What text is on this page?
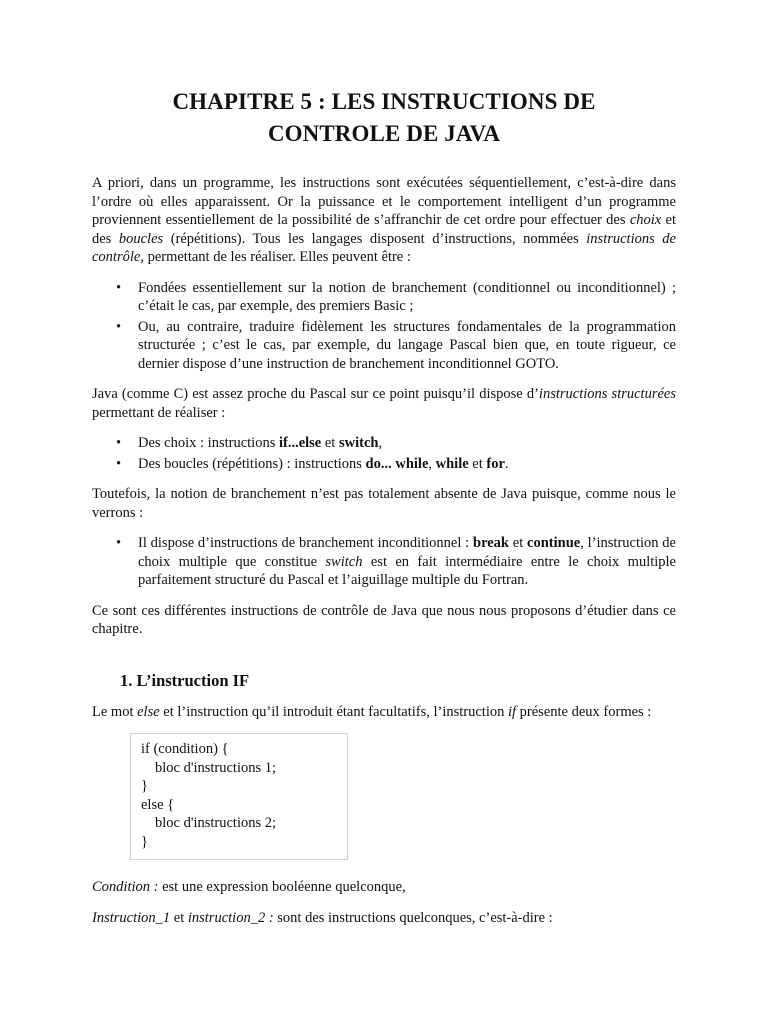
CHAPITRE 5 : LES INSTRUCTIONS DE
CONTROLE DE JAVA

A priori, dans un programme, les instructions sont exécutées séquentiellement, c’est-à-dire dans l’ordre où elles apparaissent. Or la puissance et le comportement intelligent d’un programme proviennent essentiellement de la possibilité de s’affranchir de cet ordre pour effectuer des choix et des boucles (répétitions). Tous les langages disposent d’instructions, nommées instructions de contrôle, permettant de les réaliser. Elles peuvent être :

• Fondées essentiellement sur la notion de branchement (conditionnel ou inconditionnel) ; c’était le cas, par exemple, des premiers Basic ;
• Ou, au contraire, traduire fidèlement les structures fondamentales de la programmation structurée ; c’est le cas, par exemple, du langage Pascal bien que, en toute rigueur, ce dernier dispose d’une instruction de branchement inconditionnel GOTO.

Java (comme C) est assez proche du Pascal sur ce point puisqu’il dispose d’instructions structurées permettant de réaliser :

• Des choix : instructions if...else et switch,
• Des boucles (répétitions) : instructions do... while, while et for.

Toutefois, la notion de branchement n’est pas totalement absente de Java puisque, comme nous le verrons :

• Il dispose d’instructions de branchement inconditionnel : break et continue, l’instruction de choix multiple que constitue switch est en fait intermédiaire entre le choix multiple parfaitement structuré du Pascal et l’aiguillage multiple du Fortran.

Ce sont ces différentes instructions de contrôle de Java que nous nous proposons d’étudier dans ce chapitre.

1. L’instruction IF

Le mot else et l’instruction qu’il introduit étant facultatifs, l’instruction if présente deux formes :

if (condition) {
bloc d'instructions 1;
}
else {
bloc d'instructions 2;
}

Condition : est une expression booléenne quelconque,

Instruction_1 et instruction_2 : sont des instructions quelconques, c’est-à-dire :
